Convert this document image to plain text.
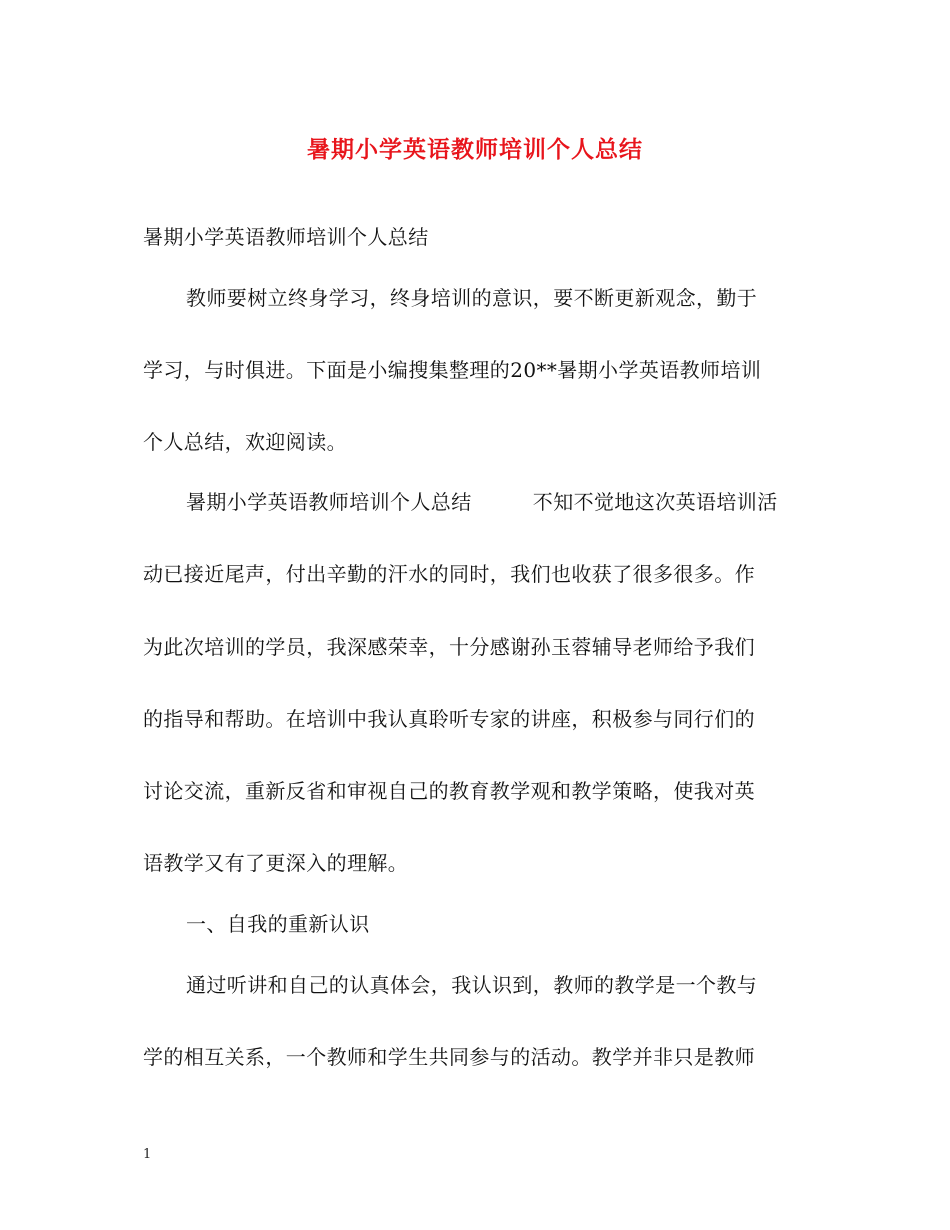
暑期小学英语教师培训个人总结
暑期小学英语教师培训个人总结
教师要树立终身学习，终身培训的意识，要不断更新观念，勤于
学习，与时俱进。下面是小编搜集整理的20**暑期小学英语教师培训
个人总结，欢迎阅读。
暑期小学英语教师培训个人总结　　　不知不觉地这次英语培训活
动已接近尾声，付出辛勤的汗水的同时，我们也收获了很多很多。作
为此次培训的学员，我深感荣幸，十分感谢孙玉蓉辅导老师给予我们
的指导和帮助。在培训中我认真聆听专家的讲座，积极参与同行们的
讨论交流，重新反省和审视自己的教育教学观和教学策略，使我对英
语教学又有了更深入的理解。
一、自我的重新认识
通过听讲和自己的认真体会，我认识到，教师的教学是一个教与
学的相互关系，一个教师和学生共同参与的活动。教学并非只是教师
1
